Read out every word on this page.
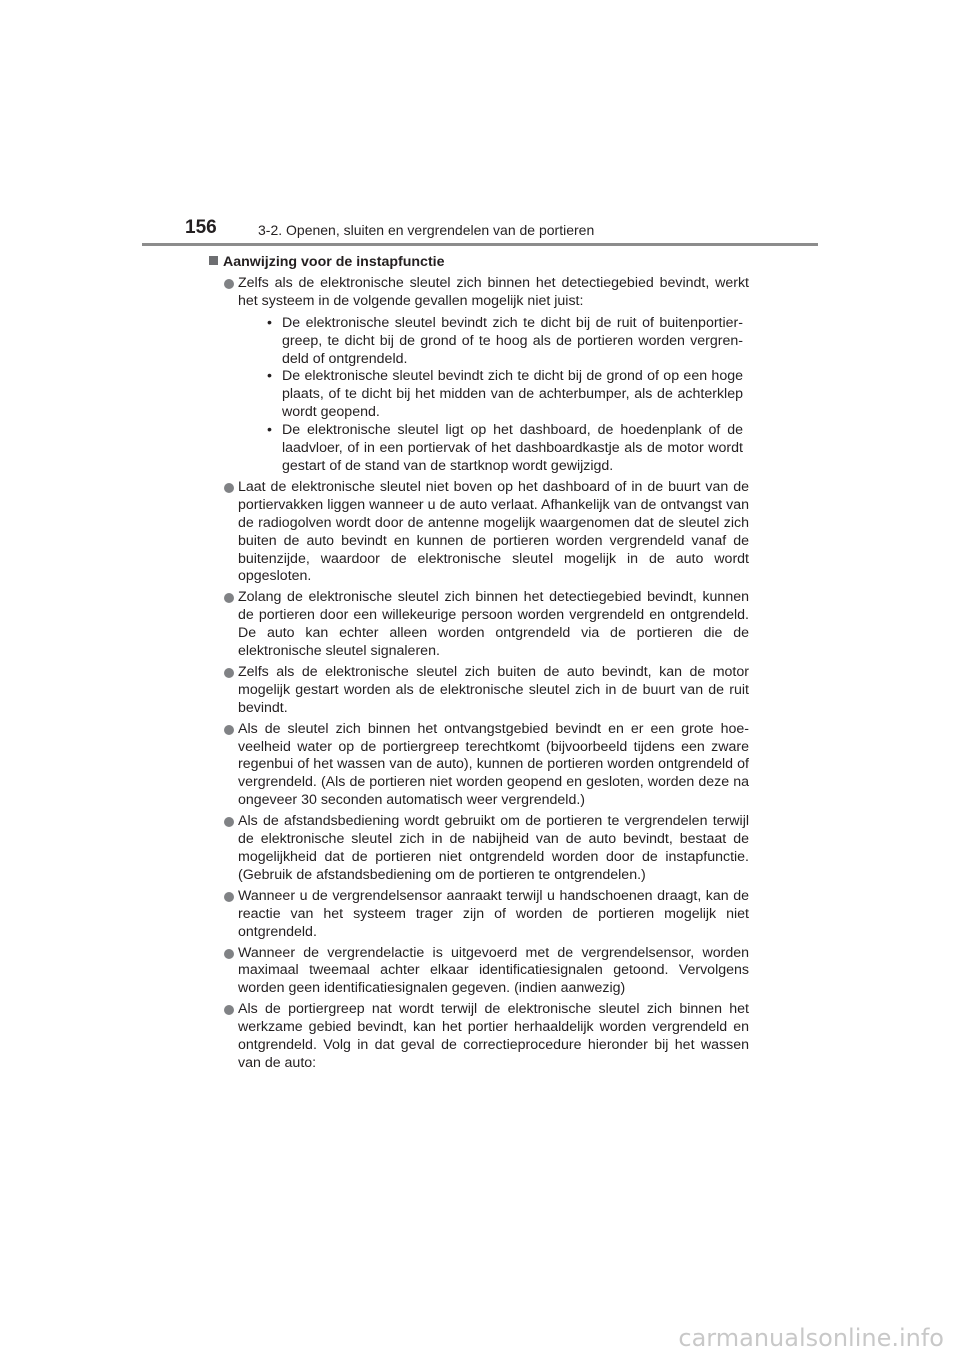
156	3-2. Openen, sluiten en vergrendelen van de portieren
Aanwijzing voor de instapfunctie
Zelfs als de elektronische sleutel zich binnen het detectiegebied bevindt, werkt het systeem in de volgende gevallen mogelijk niet juist:
• De elektronische sleutel bevindt zich te dicht bij de ruit of buitenportiergreep, te dicht bij de grond of te hoog als de portieren worden vergrendeld of ontgrendeld.
• De elektronische sleutel bevindt zich te dicht bij de grond of op een hoge plaats, of te dicht bij het midden van de achterbumper, als de achterklep wordt geopend.
• De elektronische sleutel ligt op het dashboard, de hoedenplank of de laadvloer, of in een portiervak of het dashboardkastje als de motor wordt gestart of de stand van de startknop wordt gewijzigd.
Laat de elektronische sleutel niet boven op het dashboard of in de buurt van de portiervakken liggen wanneer u de auto verlaat. Afhankelijk van de ontvangst van de radiogolven wordt door de antenne mogelijk waargenomen dat de sleutel zich buiten de auto bevindt en kunnen de portieren worden vergrendeld vanaf de buitenzijde, waardoor de elektronische sleutel mogelijk in de auto wordt opgesloten.
Zolang de elektronische sleutel zich binnen het detectiegebied bevindt, kunnen de portieren door een willekeurige persoon worden vergrendeld en ontgrendeld. De auto kan echter alleen worden ontgrendeld via de portieren die de elektronische sleutel signaleren.
Zelfs als de elektronische sleutel zich buiten de auto bevindt, kan de motor mogelijk gestart worden als de elektronische sleutel zich in de buurt van de ruit bevindt.
Als de sleutel zich binnen het ontvangstgebied bevindt en er een grote hoeveelheid water op de portiergreep terechtkomt (bijvoorbeeld tijdens een zware regenbui of het wassen van de auto), kunnen de portieren worden ontgrendeld of vergrendeld. (Als de portieren niet worden geopend en gesloten, worden deze na ongeveer 30 seconden automatisch weer vergrendeld.)
Als de afstandsbediening wordt gebruikt om de portieren te vergrendelen terwijl de elektronische sleutel zich in de nabijheid van de auto bevindt, bestaat de mogelijkheid dat de portieren niet ontgrendeld worden door de instapfunctie. (Gebruik de afstandsbediening om de portieren te ontgrendelen.)
Wanneer u de vergrendelsensor aanraakt terwijl u handschoenen draagt, kan de reactie van het systeem trager zijn of worden de portieren mogelijk niet ontgrendeld.
Wanneer de vergrendelactie is uitgevoerd met de vergrendelsensor, worden maximaal tweemaal achter elkaar identificatiesignalen getoond. Vervolgens worden geen identificatiesignalen gegeven. (indien aanwezig)
Als de portiergreep nat wordt terwijl de elektronische sleutel zich binnen het werkzame gebied bevindt, kan het portier herhaaldelijk worden vergrendeld en ontgrendeld. Volg in dat geval de correctieprocedure hieronder bij het wassen van de auto:
carmanualsonline.info
